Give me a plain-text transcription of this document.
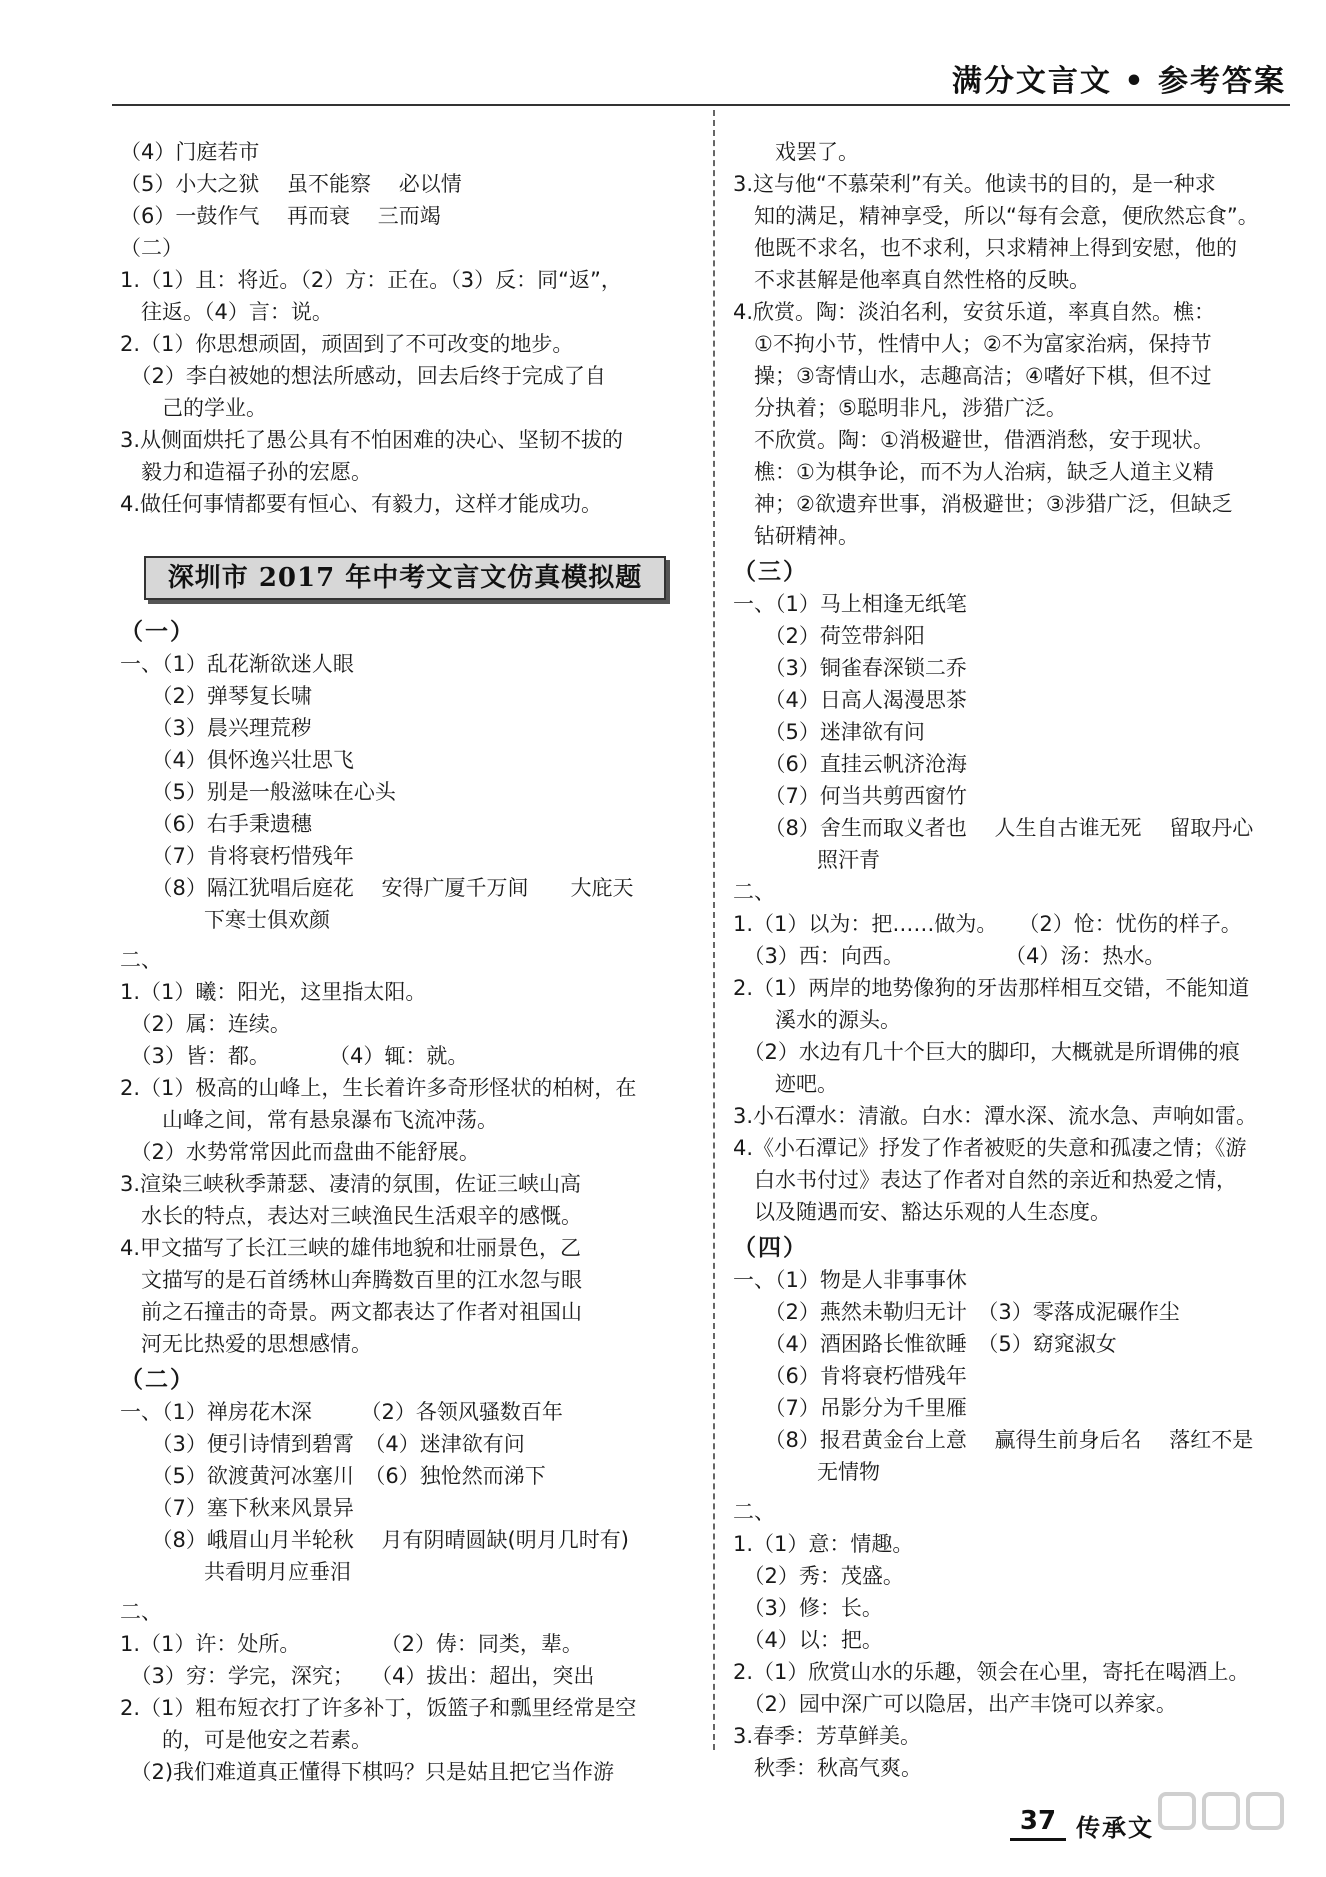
满分文言文 • 参考答案
（4）门庭若市
（5）小大之狱　 虽不能察　 必以情
（6）一鼓作气　 再而衰　 三而竭
（二）
1.（1）且：将近。（2）方：正在。（3）反：同“返”，
　往返。（4）言：说。
2.（1）你思想顽固，顽固到了不可改变的地步。
　（2）李白被她的想法所感动，回去后终于完成了自
　　己的学业。
3.从侧面烘托了愚公具有不怕困难的决心、坚韧不拔的
　毅力和造福子孙的宏愿。
4.做任何事情都要有恒心、有毅力，这样才能成功。
深圳市 2017 年中考文言文仿真模拟题
（一）
一、（1）乱花渐欲迷人眼
　　（2）弹琴复长啸
　　（3）晨兴理荒秽
　　（4）俱怀逸兴壮思飞
　　（5）别是一般滋味在心头
　　（6）右手秉遗穗
　　（7）肯将衰朽惜残年
　　（8）隔江犹唱后庭花　 安得广厦千万间　　大庇天
　　　　下寒士俱欢颜
二、
1.（1）曦：阳光，这里指太阳。
　（2）属：连续。
　（3）皆：都。　　　 （4）辄：就。
2.（1）极高的山峰上，生长着许多奇形怪状的柏树，在
　　山峰之间，常有悬泉瀑布飞流冲荡。
　（2）水势常常因此而盘曲不能舒展。
3.渲染三峡秋季萧瑟、凄清的氛围，佐证三峡山高
　水长的特点，表达对三峡渔民生活艰辛的感慨。
4.甲文描写了长江三峡的雄伟地貌和壮丽景色，乙
　文描写的是石首绣林山奔腾数百里的江水忽与眼
　前之石撞击的奇景。两文都表达了作者对祖国山
　河无比热爱的思想感情。
（二）
一、（1）禅房花木深　　 （2）各领风骚数百年
　　（3）便引诗情到碧霄　（4）迷津欲有问
　　（5）欲渡黄河冰塞川　（6）独怆然而涕下
　　（7）塞下秋来风景异
　　（8）峨眉山月半轮秋　 月有阴晴圆缺(明月几时有)
　　　　共看明月应垂泪
二、
1.（1）许：处所。　　　　 （2）俦：同类，辈。
　（3）穷：学完，深究；　 （4）拔出：超出，突出
2.（1）粗布短衣打了许多补丁，饭篮子和瓢里经常是空
　　的，可是他安之若素。
　（2)我们难道真正懂得下棋吗？只是姑且把它当作游
　　戏罢了。
3.这与他“不慕荣利”有关。他读书的目的，是一种求
　知的满足，精神享受，所以“每有会意，便欣然忘食”。
　他既不求名，也不求利，只求精神上得到安慰，他的
　不求甚解是他率真自然性格的反映。
4.欣赏。陶：淡泊名利，安贫乐道，率真自然。樵：
　①不拘小节，性情中人；②不为富家治病，保持节
　操；③寄情山水，志趣高洁；④嗜好下棋，但不过
　分执着；⑤聪明非凡，涉猎广泛。
　不欣赏。陶：①消极避世，借酒消愁，安于现状。
　樵：①为棋争论，而不为人治病，缺乏人道主义精
　神；②欲遗弃世事，消极避世；③涉猎广泛，但缺乏
　钻研精神。
（三）
一、（1）马上相逢无纸笔
　　（2）荷笠带斜阳
　　（3）铜雀春深锁二乔
　　（4）日高人渴漫思茶
　　（5）迷津欲有问
　　（6）直挂云帆济沧海
　　（7）何当共剪西窗竹
　　（8）舍生而取义者也　 人生自古谁无死　 留取丹心
　　　　照汗青
二、
1.（1）以为：把……做为。　　（2）怆：忧伤的样子。
　（3）西：向西。　　　　　 （4）汤：热水。
2.（1）两岸的地势像狗的牙齿那样相互交错，不能知道
　　溪水的源头。
　（2）水边有几十个巨大的脚印，大概就是所谓佛的痕
　　迹吧。
3.小石潭水：清澈。白水：潭水深、流水急、声响如雷。
4.《小石潭记》抒发了作者被贬的失意和孤凄之情；《游
　白水书付过》表达了作者对自然的亲近和热爱之情，
　以及随遇而安、豁达乐观的人生态度。
（四）
一、（1）物是人非事事休
　　（2）燕然未勒归无计　（3）零落成泥碾作尘
　　（4）酒困路长惟欲睡　（5）窈窕淑女
　　（6）肯将衰朽惜残年
　　（7）吊影分为千里雁
　　（8）报君黄金台上意　 赢得生前身后名　 落红不是
　　　　无情物
二、
1.（1）意：情趣。
　（2）秀：茂盛。
　（3）修：长。
　（4）以：把。
2.（1）欣赏山水的乐趣，领会在心里，寄托在喝酒上。
　（2）园中深广可以隐居，出产丰饶可以养家。
3.春季：芳草鲜美。
　秋季：秋高气爽。
37 传承文
